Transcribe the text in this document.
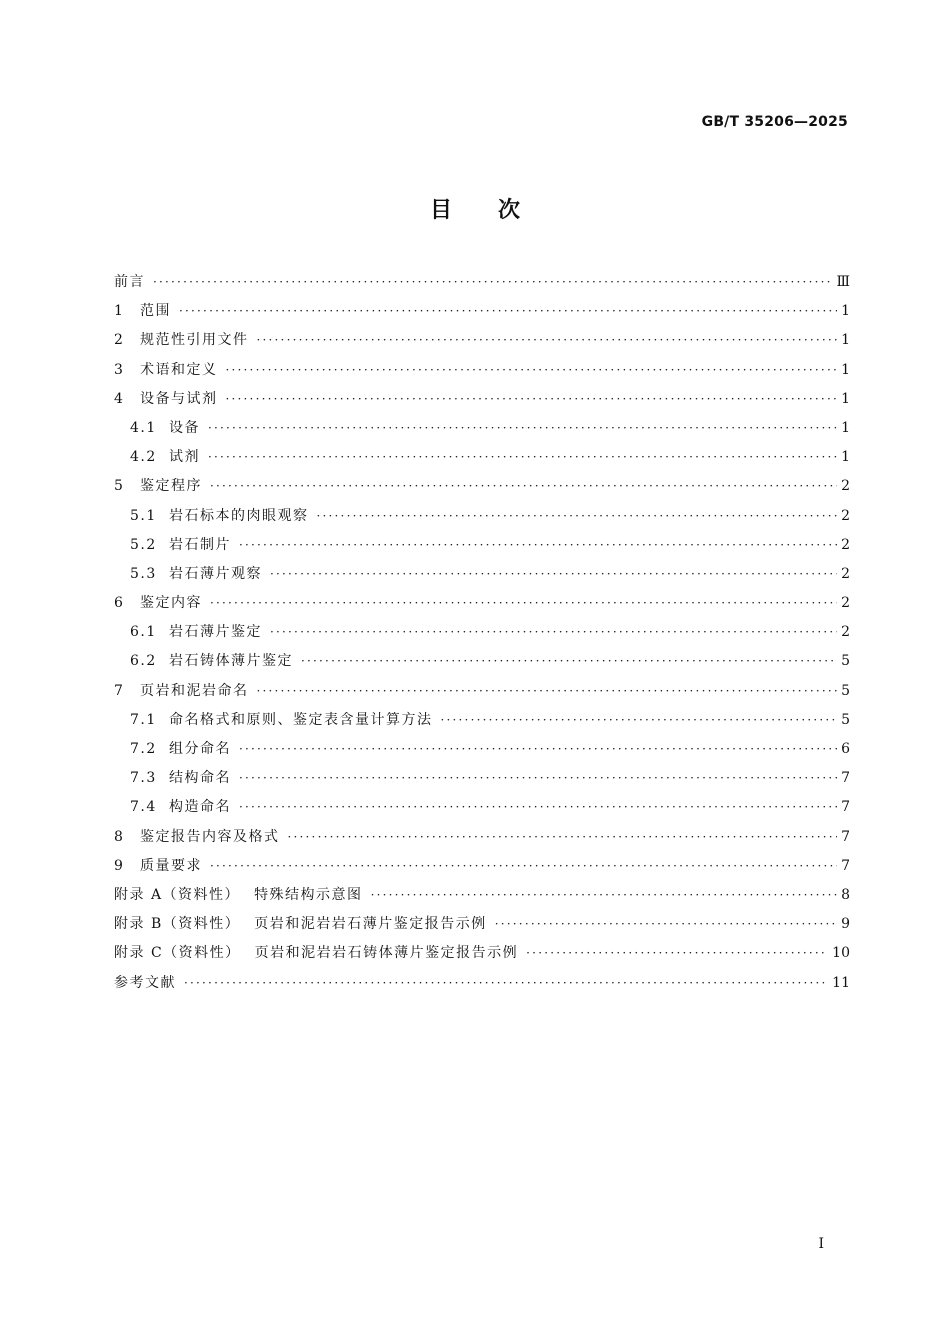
GB/T 35206—2025
目次
前言 ·····	Ⅲ
1	范围 ·····	1
2	规范性引用文件 ·····	1
3	术语和定义 ·····	1
4	设备与试剂 ·····	1
4.1 设备 ·····	1
4.2 试剂 ·····	1
5	鉴定程序 ·····	2
5.1 岩石标本的肉眼观察 ·····	2
5.2 岩石制片 ·····	2
5.3 岩石薄片观察 ·····	2
6	鉴定内容 ·····	2
6.1 岩石薄片鉴定 ·····	2
6.2 岩石铸体薄片鉴定 ·····	5
7	页岩和泥岩命名 ·····	5
7.1 命名格式和原则、鉴定表含量计算方法 ·····	5
7.2 组分命名 ·····	6
7.3 结构命名 ·····	7
7.4 构造命名 ·····	7
8	鉴定报告内容及格式 ·····	7
9	质量要求 ·····	7
附录 A（资料性） 特殊结构示意图 ·····	8
附录 B（资料性） 页岩和泥岩岩石薄片鉴定报告示例 ·····	9
附录 C（资料性） 页岩和泥岩岩石铸体薄片鉴定报告示例 ·····	10
参考文献 ·····	11
Ⅰ
